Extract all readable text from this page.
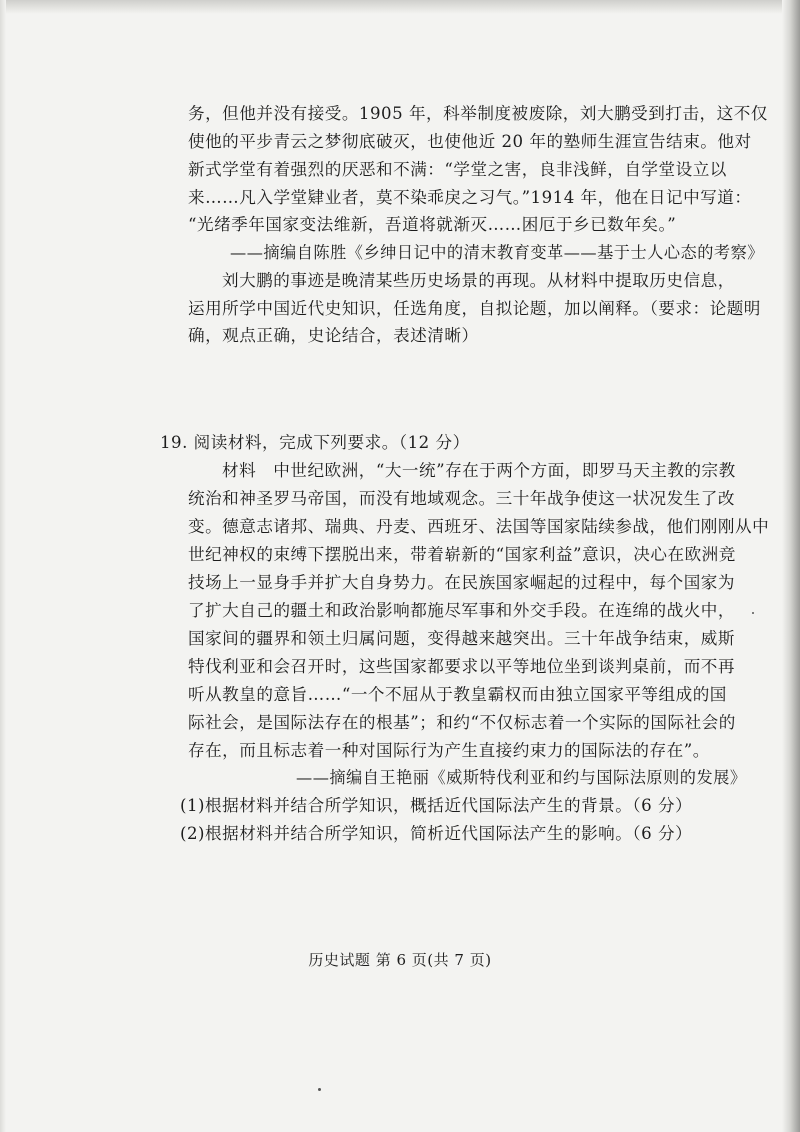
务，但他并没有接受。1905 年，科举制度被废除，刘大鹏受到打击，这不仅
使他的平步青云之梦彻底破灭，也使他近 20 年的塾师生涯宣告结束。他对
新式学堂有着强烈的厌恶和不满：“学堂之害，良非浅鲜，自学堂设立以
来……凡入学堂肄业者，莫不染乖戾之习气。”1914 年，他在日记中写道：
“光绪季年国家变法维新，吾道将就渐灭……困厄于乡已数年矣。”
——摘编自陈胜《乡绅日记中的清末教育变革——基于士人心态的考察》
刘大鹏的事迹是晚清某些历史场景的再现。从材料中提取历史信息，
运用所学中国近代史知识，任选角度，自拟论题，加以阐释。（要求：论题明
确，观点正确，史论结合，表述清晰）
19. 阅读材料，完成下列要求。（12 分）
材料　中世纪欧洲，“大一统”存在于两个方面，即罗马天主教的宗教
统治和神圣罗马帝国，而没有地域观念。三十年战争使这一状况发生了改
变。德意志诸邦、瑞典、丹麦、西班牙、法国等国家陆续参战，他们刚刚从中
世纪神权的束缚下摆脱出来，带着崭新的“国家利益”意识，决心在欧洲竞
技场上一显身手并扩大自身势力。在民族国家崛起的过程中，每个国家为
了扩大自己的疆土和政治影响都施尽军事和外交手段。在连绵的战火中，
国家间的疆界和领土归属问题，变得越来越突出。三十年战争结束，威斯
特伐利亚和会召开时，这些国家都要求以平等地位坐到谈判桌前，而不再
听从教皇的意旨……“一个不屈从于教皇霸权而由独立国家平等组成的国
际社会，是国际法存在的根基”；和约“不仅标志着一个实际的国际社会的
存在，而且标志着一种对国际行为产生直接约束力的国际法的存在”。
——摘编自王艳丽《威斯特伐利亚和约与国际法原则的发展》
(1)根据材料并结合所学知识，概括近代国际法产生的背景。（6 分）
(2)根据材料并结合所学知识，简析近代国际法产生的影响。（6 分）
历史试题 第 6 页(共 7 页)
